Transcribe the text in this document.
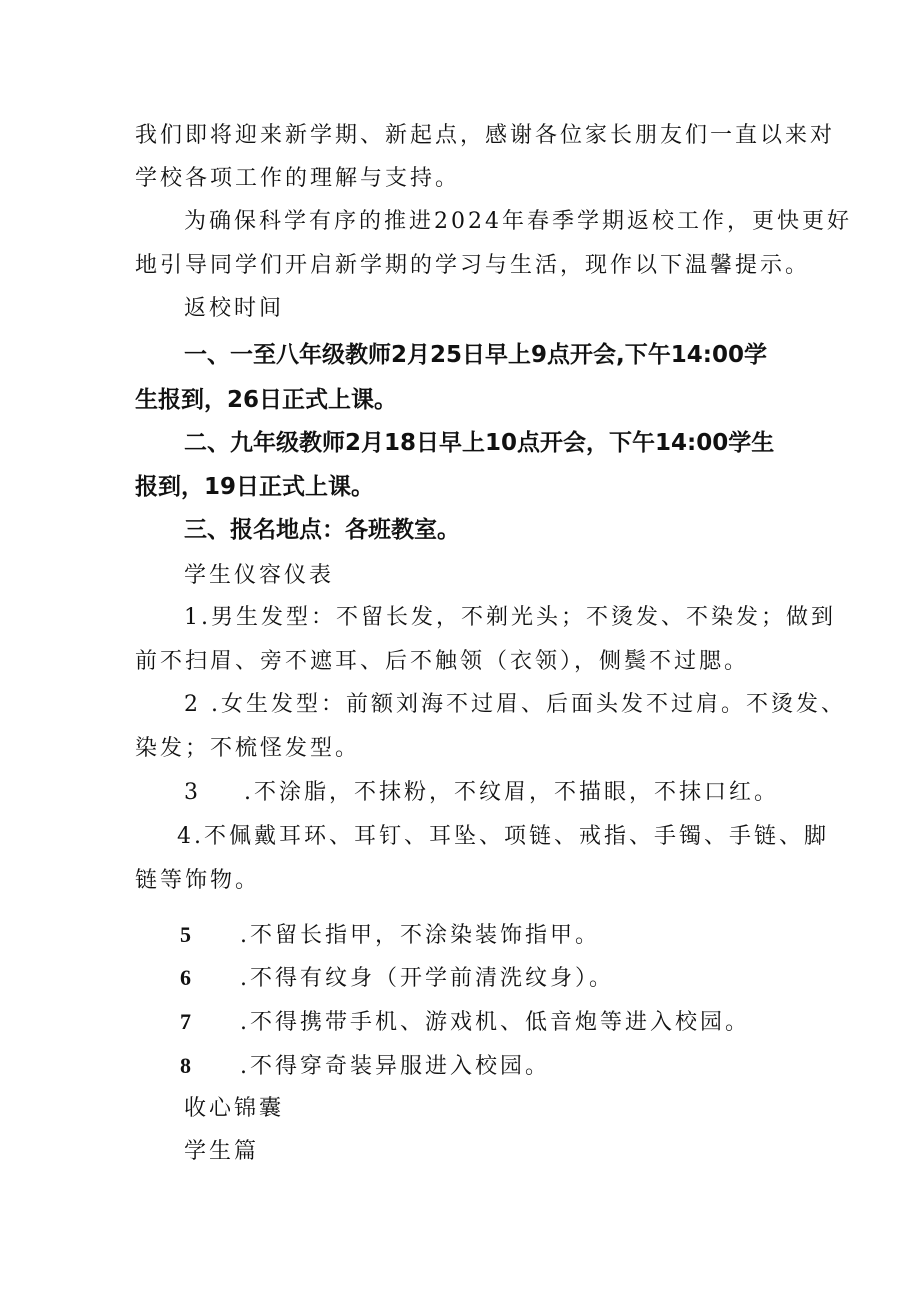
我们即将迎来新学期、新起点，感谢各位家长朋友们一直以来对
学校各项工作的理解与支持。
为确保科学有序的推进2024年春季学期返校工作，更快更好
地引导同学们开启新学期的学习与生活，现作以下温馨提示。
返校时间
一、一至八年级教师2月25日早上9点开会,下午14:00学
生报到，26日正式上课。
二、九年级教师2月18日早上10点开会，下午14:00学生
报到，19日正式上课。
三、报名地点：各班教室。
学生仪容仪表
1.男生发型：不留长发，不剃光头；不烫发、不染发；做到
前不扫眉、旁不遮耳、后不触领（衣领），侧鬓不过腮。
2 .女生发型：前额刘海不过眉、后面头发不过肩。不烫发、
染发；不梳怪发型。
3 .不涂脂，不抹粉，不纹眉，不描眼，不抹口红。
4.不佩戴耳环、耳钉、耳坠、项链、戒指、手镯、手链、脚
链等饰物。
5 .不留长指甲，不涂染装饰指甲。
6 .不得有纹身（开学前清洗纹身）。
7 .不得携带手机、游戏机、低音炮等进入校园。
8 .不得穿奇装异服进入校园。
收心锦囊
学生篇
